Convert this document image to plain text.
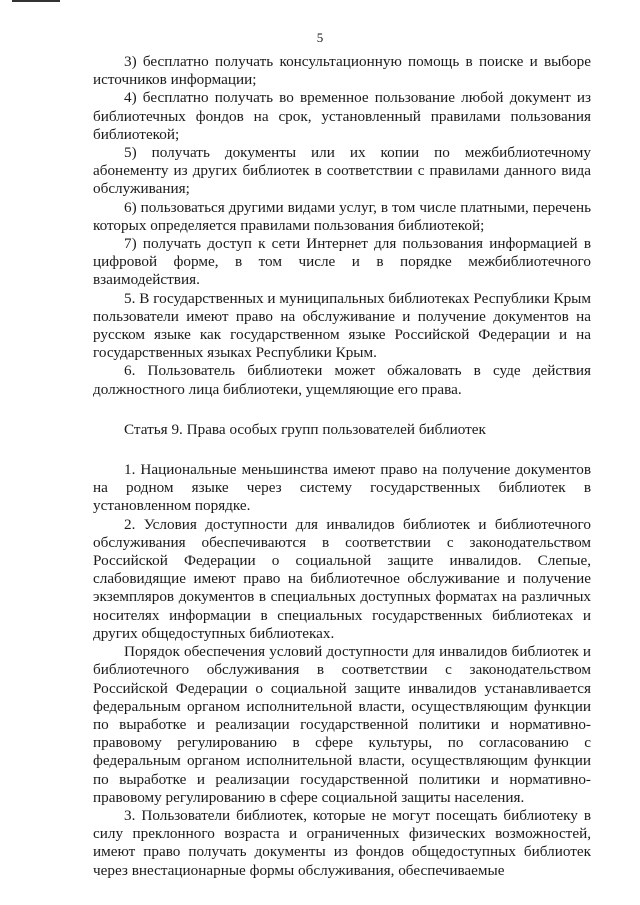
5

3) бесплатно получать консультационную помощь в поиске и выборе источников информации;

4) бесплатно получать во временное пользование любой документ из библиотечных фондов на срок, установленный правилами пользования библиотекой;

5) получать документы или их копии по межбиблиотечному абонементу из других библиотек в соответствии с правилами данного вида обслуживания;

6) пользоваться другими видами услуг, в том числе платными, перечень которых определяется правилами пользования библиотекой;

7) получать доступ к сети Интернет для пользования информацией в цифровой форме, в том числе и в порядке межбиблиотечного взаимодействия.

5. В государственных и муниципальных библиотеках Республики Крым пользователи имеют право на обслуживание и получение документов на русском языке как государственном языке Российской Федерации и на государственных языках Республики Крым.

6. Пользователь библиотеки может обжаловать в суде действия должностного лица библиотеки, ущемляющие его права.

Статья 9. Права особых групп пользователей библиотек

1. Национальные меньшинства имеют право на получение документов на родном языке через систему государственных библиотек в установленном порядке.

2. Условия доступности для инвалидов библиотек и библиотечного обслуживания обеспечиваются в соответствии с законодательством Российской Федерации о социальной защите инвалидов. Слепые, слабовидящие имеют право на библиотечное обслуживание и получение экземпляров документов в специальных доступных форматах на различных носителях информации в специальных государственных библиотеках и других общедоступных библиотеках.

Порядок обеспечения условий доступности для инвалидов библиотек и библиотечного обслуживания в соответствии с законодательством Российской Федерации о социальной защите инвалидов устанавливается федеральным органом исполнительной власти, осуществляющим функции по выработке и реализации государственной политики и нормативно-правовому регулированию в сфере культуры, по согласованию с федеральным органом исполнительной власти, осуществляющим функции по выработке и реализации государственной политики и нормативно-правовому регулированию в сфере социальной защиты населения.

3. Пользователи библиотек, которые не могут посещать библиотеку в силу преклонного возраста и ограниченных физических возможностей, имеют право получать документы из фондов общедоступных библиотек через внестационарные формы обслуживания, обеспечиваемые
